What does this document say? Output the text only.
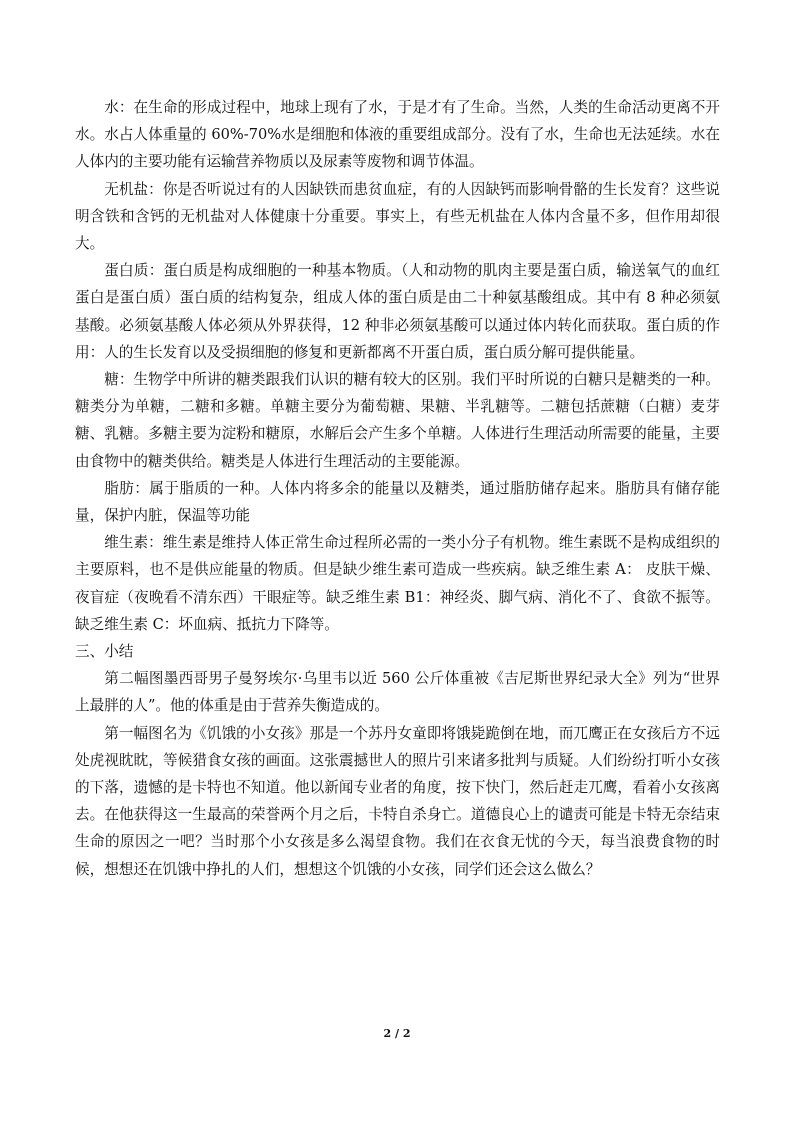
水：在生命的形成过程中，地球上现有了水，于是才有了生命。当然，人类的生命活动更离不开水。水占人体重量的 60%-70%水是细胞和体液的重要组成部分。没有了水，生命也无法延续。水在人体内的主要功能有运输营养物质以及尿素等废物和调节体温。

无机盐：你是否听说过有的人因缺铁而患贫血症，有的人因缺钙而影响骨骼的生长发育？这些说明含铁和含钙的无机盐对人体健康十分重要。事实上，有些无机盐在人体内含量不多，但作用却很大。

蛋白质：蛋白质是构成细胞的一种基本物质。（人和动物的肌肉主要是蛋白质，输送氧气的血红蛋白是蛋白质）蛋白质的结构复杂，组成人体的蛋白质是由二十种氨基酸组成。其中有 8 种必须氨基酸。必须氨基酸人体必须从外界获得，12 种非必须氨基酸可以通过体内转化而获取。蛋白质的作用：人的生长发育以及受损细胞的修复和更新都离不开蛋白质，蛋白质分解可提供能量。

糖：生物学中所讲的糖类跟我们认识的糖有较大的区别。我们平时所说的白糖只是糖类的一种。糖类分为单糖，二糖和多糖。单糖主要分为葡萄糖、果糖、半乳糖等。二糖包括蔗糖（白糖）麦芽糖、乳糖。多糖主要为淀粉和糖原，水解后会产生多个单糖。人体进行生理活动所需要的能量，主要由食物中的糖类供给。糖类是人体进行生理活动的主要能源。

脂肪：属于脂质的一种。人体内将多余的能量以及糖类，通过脂肪储存起来。脂肪具有储存能量，保护内脏，保温等功能

维生素：维生素是维持人体正常生命过程所必需的一类小分子有机物。维生素既不是构成组织的主要原料，也不是供应能量的物质。但是缺少维生素可造成一些疾病。缺乏维生素 A： 皮肤干燥、夜盲症（夜晚看不清东西）干眼症等。缺乏维生素 B1：神经炎、脚气病、消化不了、食欲不振等。缺乏维生素 C：坏血病、抵抗力下降等。

三、小结

第二幅图墨西哥男子曼努埃尔·乌里韦以近 560 公斤体重被《吉尼斯世界纪录大全》列为“世界上最胖的人”。他的体重是由于营养失衡造成的。

第一幅图名为《饥饿的小女孩》那是一个苏丹女童即将饿毙跪倒在地，而兀鹰正在女孩后方不远处虎视眈眈，等候猎食女孩的画面。这张震撼世人的照片引来诸多批判与质疑。人们纷纷打听小女孩的下落，遗憾的是卡特也不知道。他以新闻专业者的角度，按下快门，然后赶走兀鹰，看着小女孩离去。在他获得这一生最高的荣誉两个月之后，卡特自杀身亡。道德良心上的谴责可能是卡特无奈结束生命的原因之一吧？当时那个小女孩是多么渴望食物。我们在衣食无忧的今天，每当浪费食物的时候，想想还在饥饿中挣扎的人们，想想这个饥饿的小女孩，同学们还会这么做么？

2 / 2
